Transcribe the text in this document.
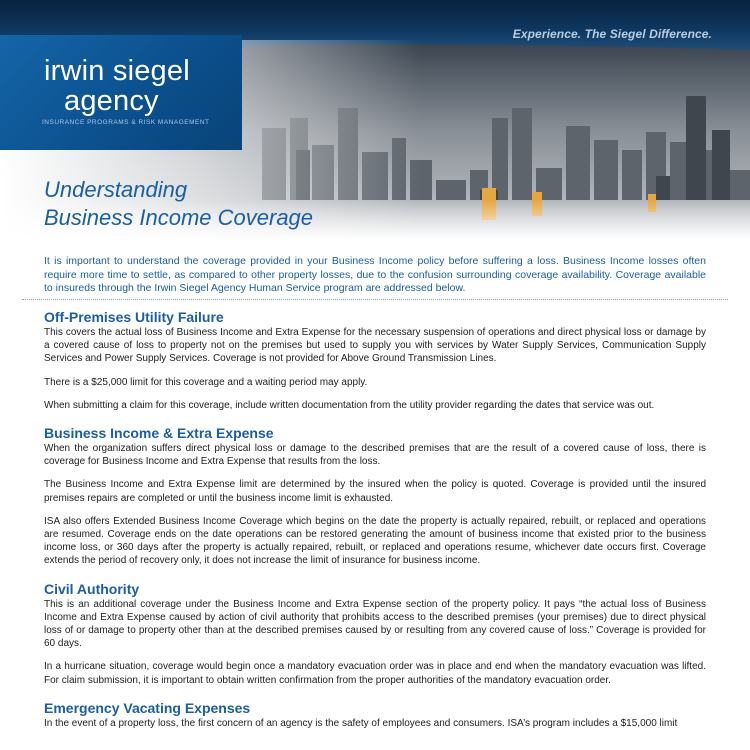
Experience. The Siegel Difference.
irwin siegel
agency
INSURANCE PROGRAMS & RISK MANAGEMENT
Understanding
Business Income Coverage
It is important to understand the coverage provided in your Business Income policy before suffering a loss. Business Income losses often require more time to settle, as compared to other property losses, due to the confusion surrounding coverage availability. Coverage available to insureds through the Irwin Siegel Agency Human Service program are addressed below.
Off-Premises Utility Failure

This covers the actual loss of Business Income and Extra Expense for the necessary suspension of operations and direct physical loss or damage by a covered cause of loss to property not on the premises but used to supply you with services by Water Supply Services, Communication Supply Services and Power Supply Services. Coverage is not provided for Above Ground Transmission Lines.

There is a $25,000 limit for this coverage and a waiting period may apply.

When submitting a claim for this coverage, include written documentation from the utility provider regarding the dates that service was out.

Business Income & Extra Expense

When the organization suffers direct physical loss or damage to the described premises that are the result of a covered cause of loss, there is coverage for Business Income and Extra Expense that results from the loss.

The Business Income and Extra Expense limit are determined by the insured when the policy is quoted. Coverage is provided until the insured premises repairs are completed or until the business income limit is exhausted.

ISA also offers Extended Business Income Coverage which begins on the date the property is actually repaired, rebuilt, or replaced and operations are resumed. Coverage ends on the date operations can be restored generating the amount of business income that existed prior to the business income loss, or 360 days after the property is actually repaired, rebuilt, or replaced and operations resume, whichever date occurs first. Coverage extends the period of recovery only, it does not increase the limit of insurance for business income.

Civil Authority

This is an additional coverage under the Business Income and Extra Expense section of the property policy. It pays “the actual loss of Business Income and Extra Expense caused by action of civil authority that prohibits access to the described premises (your premises) due to direct physical loss of or damage to property other than at the described premises caused by or resulting from any covered cause of loss.” Coverage is provided for 60 days.

In a hurricane situation, coverage would begin once a mandatory evacuation order was in place and end when the mandatory evacuation was lifted. For claim submission, it is important to obtain written confirmation from the proper authorities of the mandatory evacuation order.

Emergency Vacating Expenses

In the event of a property loss, the first concern of an agency is the safety of employees and consumers. ISA’s program includes a $15,000 limit
